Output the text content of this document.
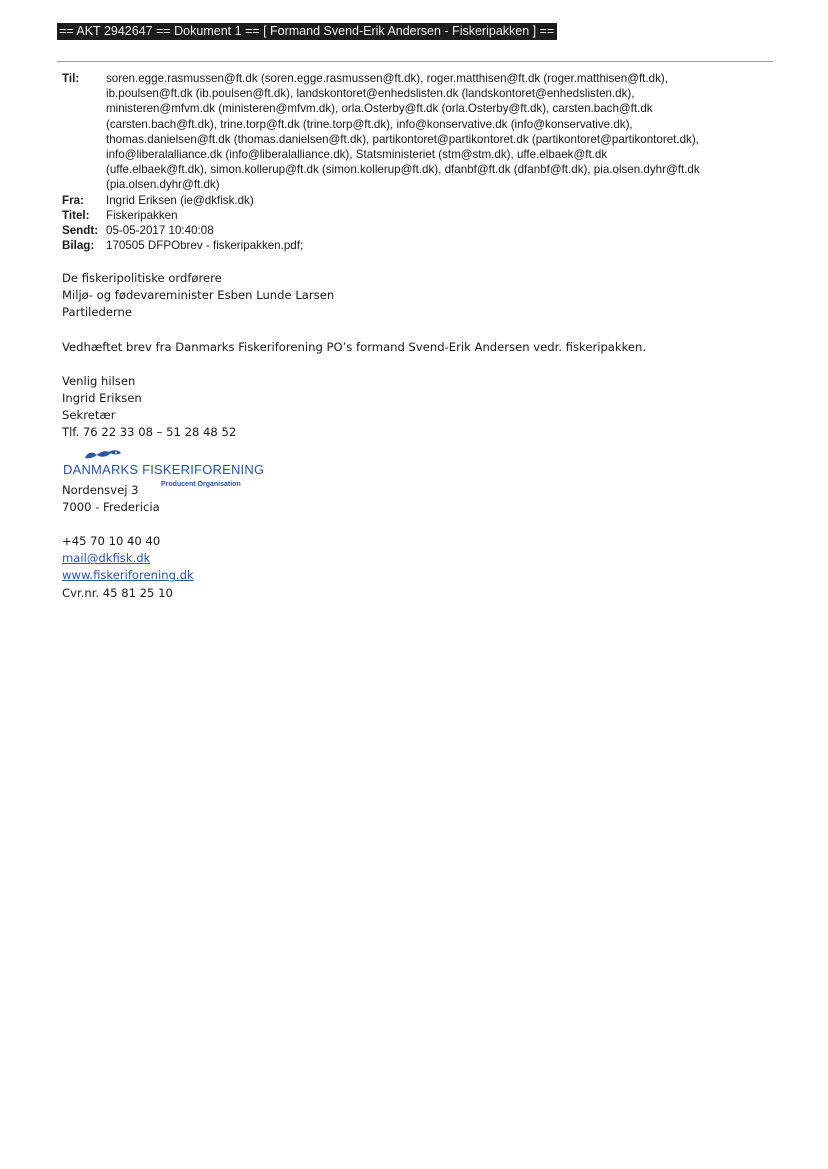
== AKT 2942647 == Dokument 1 == [ Formand Svend-Erik Andersen - Fiskeripakken ] ==
Til:	soren.egge.rasmussen@ft.dk (soren.egge.rasmussen@ft.dk), roger.matthisen@ft.dk (roger.matthisen@ft.dk),
ib.poulsen@ft.dk (ib.poulsen@ft.dk), landskontoret@enhedslisten.dk (landskontoret@enhedslisten.dk),
ministeren@mfvm.dk (ministeren@mfvm.dk), orla.Osterby@ft.dk (orla.Osterby@ft.dk), carsten.bach@ft.dk
(carsten.bach@ft.dk), trine.torp@ft.dk (trine.torp@ft.dk), info@konservative.dk (info@konservative.dk),
thomas.danielsen@ft.dk (thomas.danielsen@ft.dk), partikontoret@partikontoret.dk (partikontoret@partikontoret.dk),
info@liberalalliance.dk (info@liberalalliance.dk), Statsministeriet (stm@stm.dk), uffe.elbaek@ft.dk
(uffe.elbaek@ft.dk), simon.kollerup@ft.dk (simon.kollerup@ft.dk), dfanbf@ft.dk (dfanbf@ft.dk), pia.olsen.dyhr@ft.dk
(pia.olsen.dyhr@ft.dk)
Fra:	Ingrid Eriksen (ie@dkfisk.dk)
Titel:	Fiskeripakken
Sendt: 05-05-2017 10:40:08
Bilag:	170505 DFPObrev - fiskeripakken.pdf;
De fiskeripolitiske ordførere
Miljø- og fødevareminister Esben Lunde Larsen
Partilederne
Vedhæftet brev fra Danmarks Fiskeriforening PO’s formand Svend-Erik Andersen vedr. fiskeripakken.
Venlig hilsen
Ingrid Eriksen
Sekretær
Tlf. 76 22 33 08 – 51 28 48 52
DANMARKS FISKERIFORENING
Producent Organisation
Nordensvej 3
7000 - Fredericia
+45 70 10 40 40
mail@dkfisk.dk
www.fiskeriforening.dk
Cvr.nr. 45 81 25 10
